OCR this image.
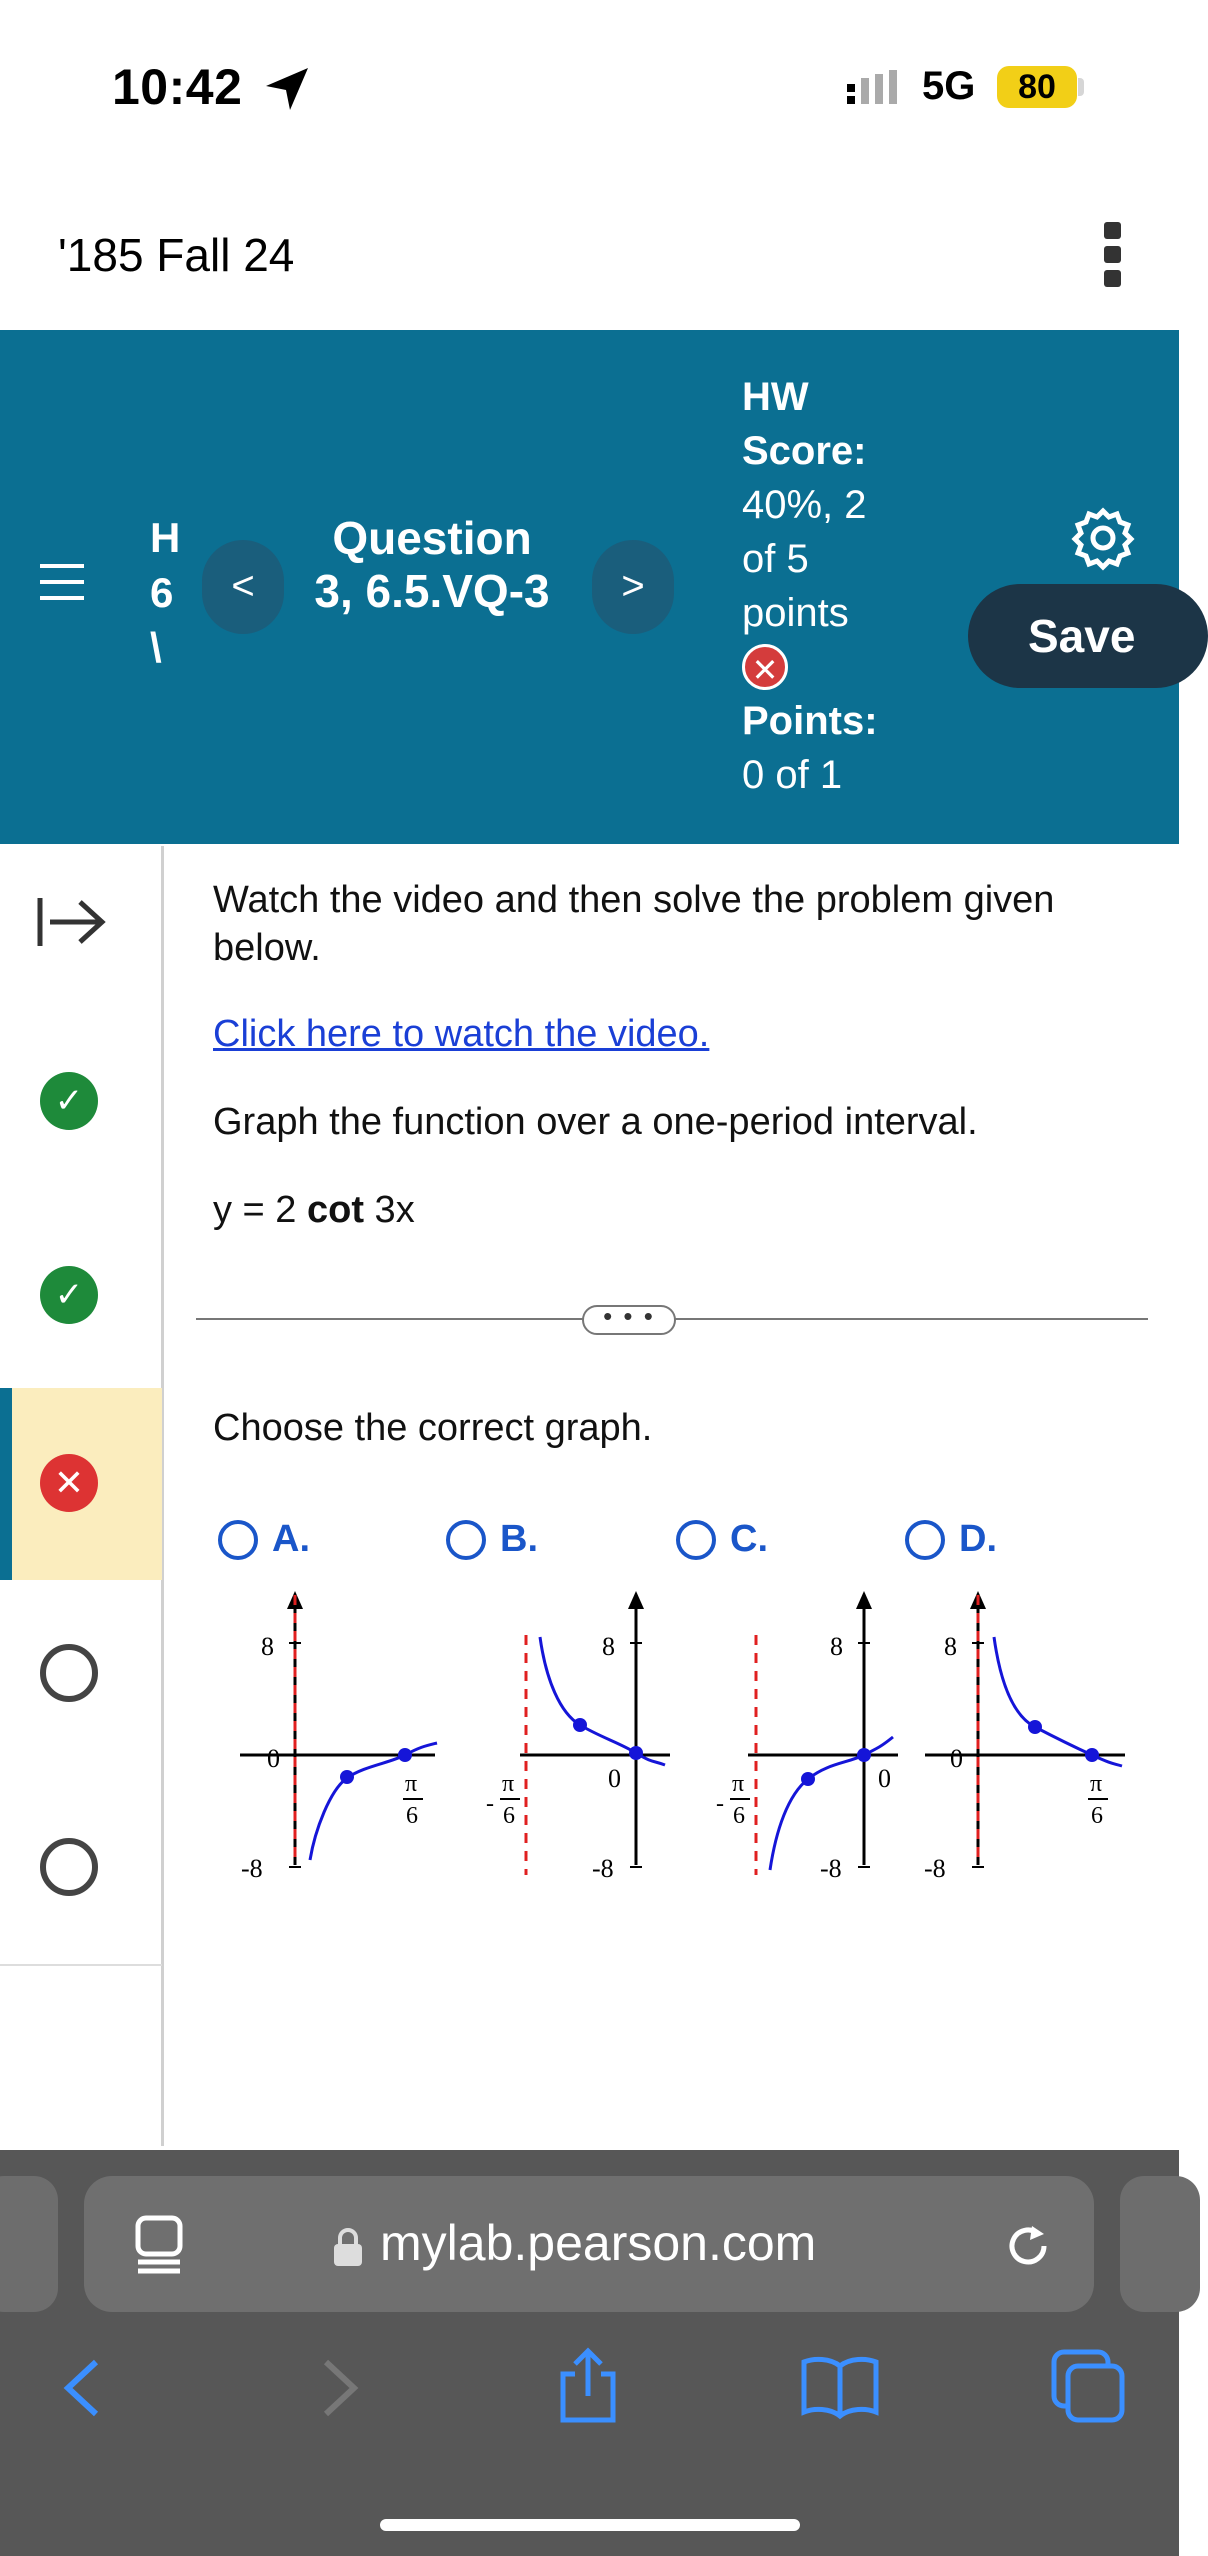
10:42	5G	80
'185 Fall 24
H
6
\
<
Question 3, 6.5.VQ-3	>
HW Score:
40%, 2 of 5 points
✕
Points:
0 of 1
Save
✓
✓
✕
Watch the video and then solve the problem given below.
Click here to watch the video.
Graph the function over a one-period interval.
y = 2 cot 3x
• • •
Choose the correct graph.
A.	B.	C.	D.
8
0
-8
π
6
8
0
-8
-
π
6
8
0
-8
-
π
6
8
0
-8
π
6
mylab.pearson.com
